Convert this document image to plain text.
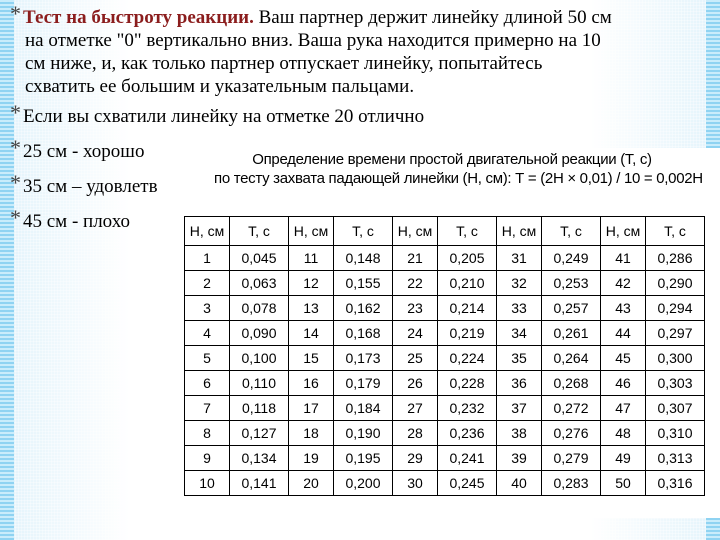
* Тест на быстроту реакции. Ваш партнер держит линейку длиной 50 см
на отметке "0" вертикально вниз. Ваша рука находится примерно на 10
см ниже, и, как только партнер отпускает линейку, попытайтесь
схватить ее большим и указательным пальцами.
* Если вы схватили линейку на отметке 20 отлично
* 25 см - хорошо
* 35 см – удовлетв
* 45 см - плохо
Определение времени простой двигательной реакции (Т, с)
по тесту захвата падающей линейки (Н, см): Т = (2Н × 0,01) / 10 = 0,002Н
H, см	T, с	H, см	T, с	H, см	T, с	H, см	T, с	H, см	T, с
1	0,045	11	0,148	21	0,205	31	0,249	41	0,286
2	0,063	12	0,155	22	0,210	32	0,253	42	0,290
3	0,078	13	0,162	23	0,214	33	0,257	43	0,294
4	0,090	14	0,168	24	0,219	34	0,261	44	0,297
5	0,100	15	0,173	25	0,224	35	0,264	45	0,300
6	0,110	16	0,179	26	0,228	36	0,268	46	0,303
7	0,118	17	0,184	27	0,232	37	0,272	47	0,307
8	0,127	18	0,190	28	0,236	38	0,276	48	0,310
9	0,134	19	0,195	29	0,241	39	0,279	49	0,313
10	0,141	20	0,200	30	0,245	40	0,283	50	0,316
